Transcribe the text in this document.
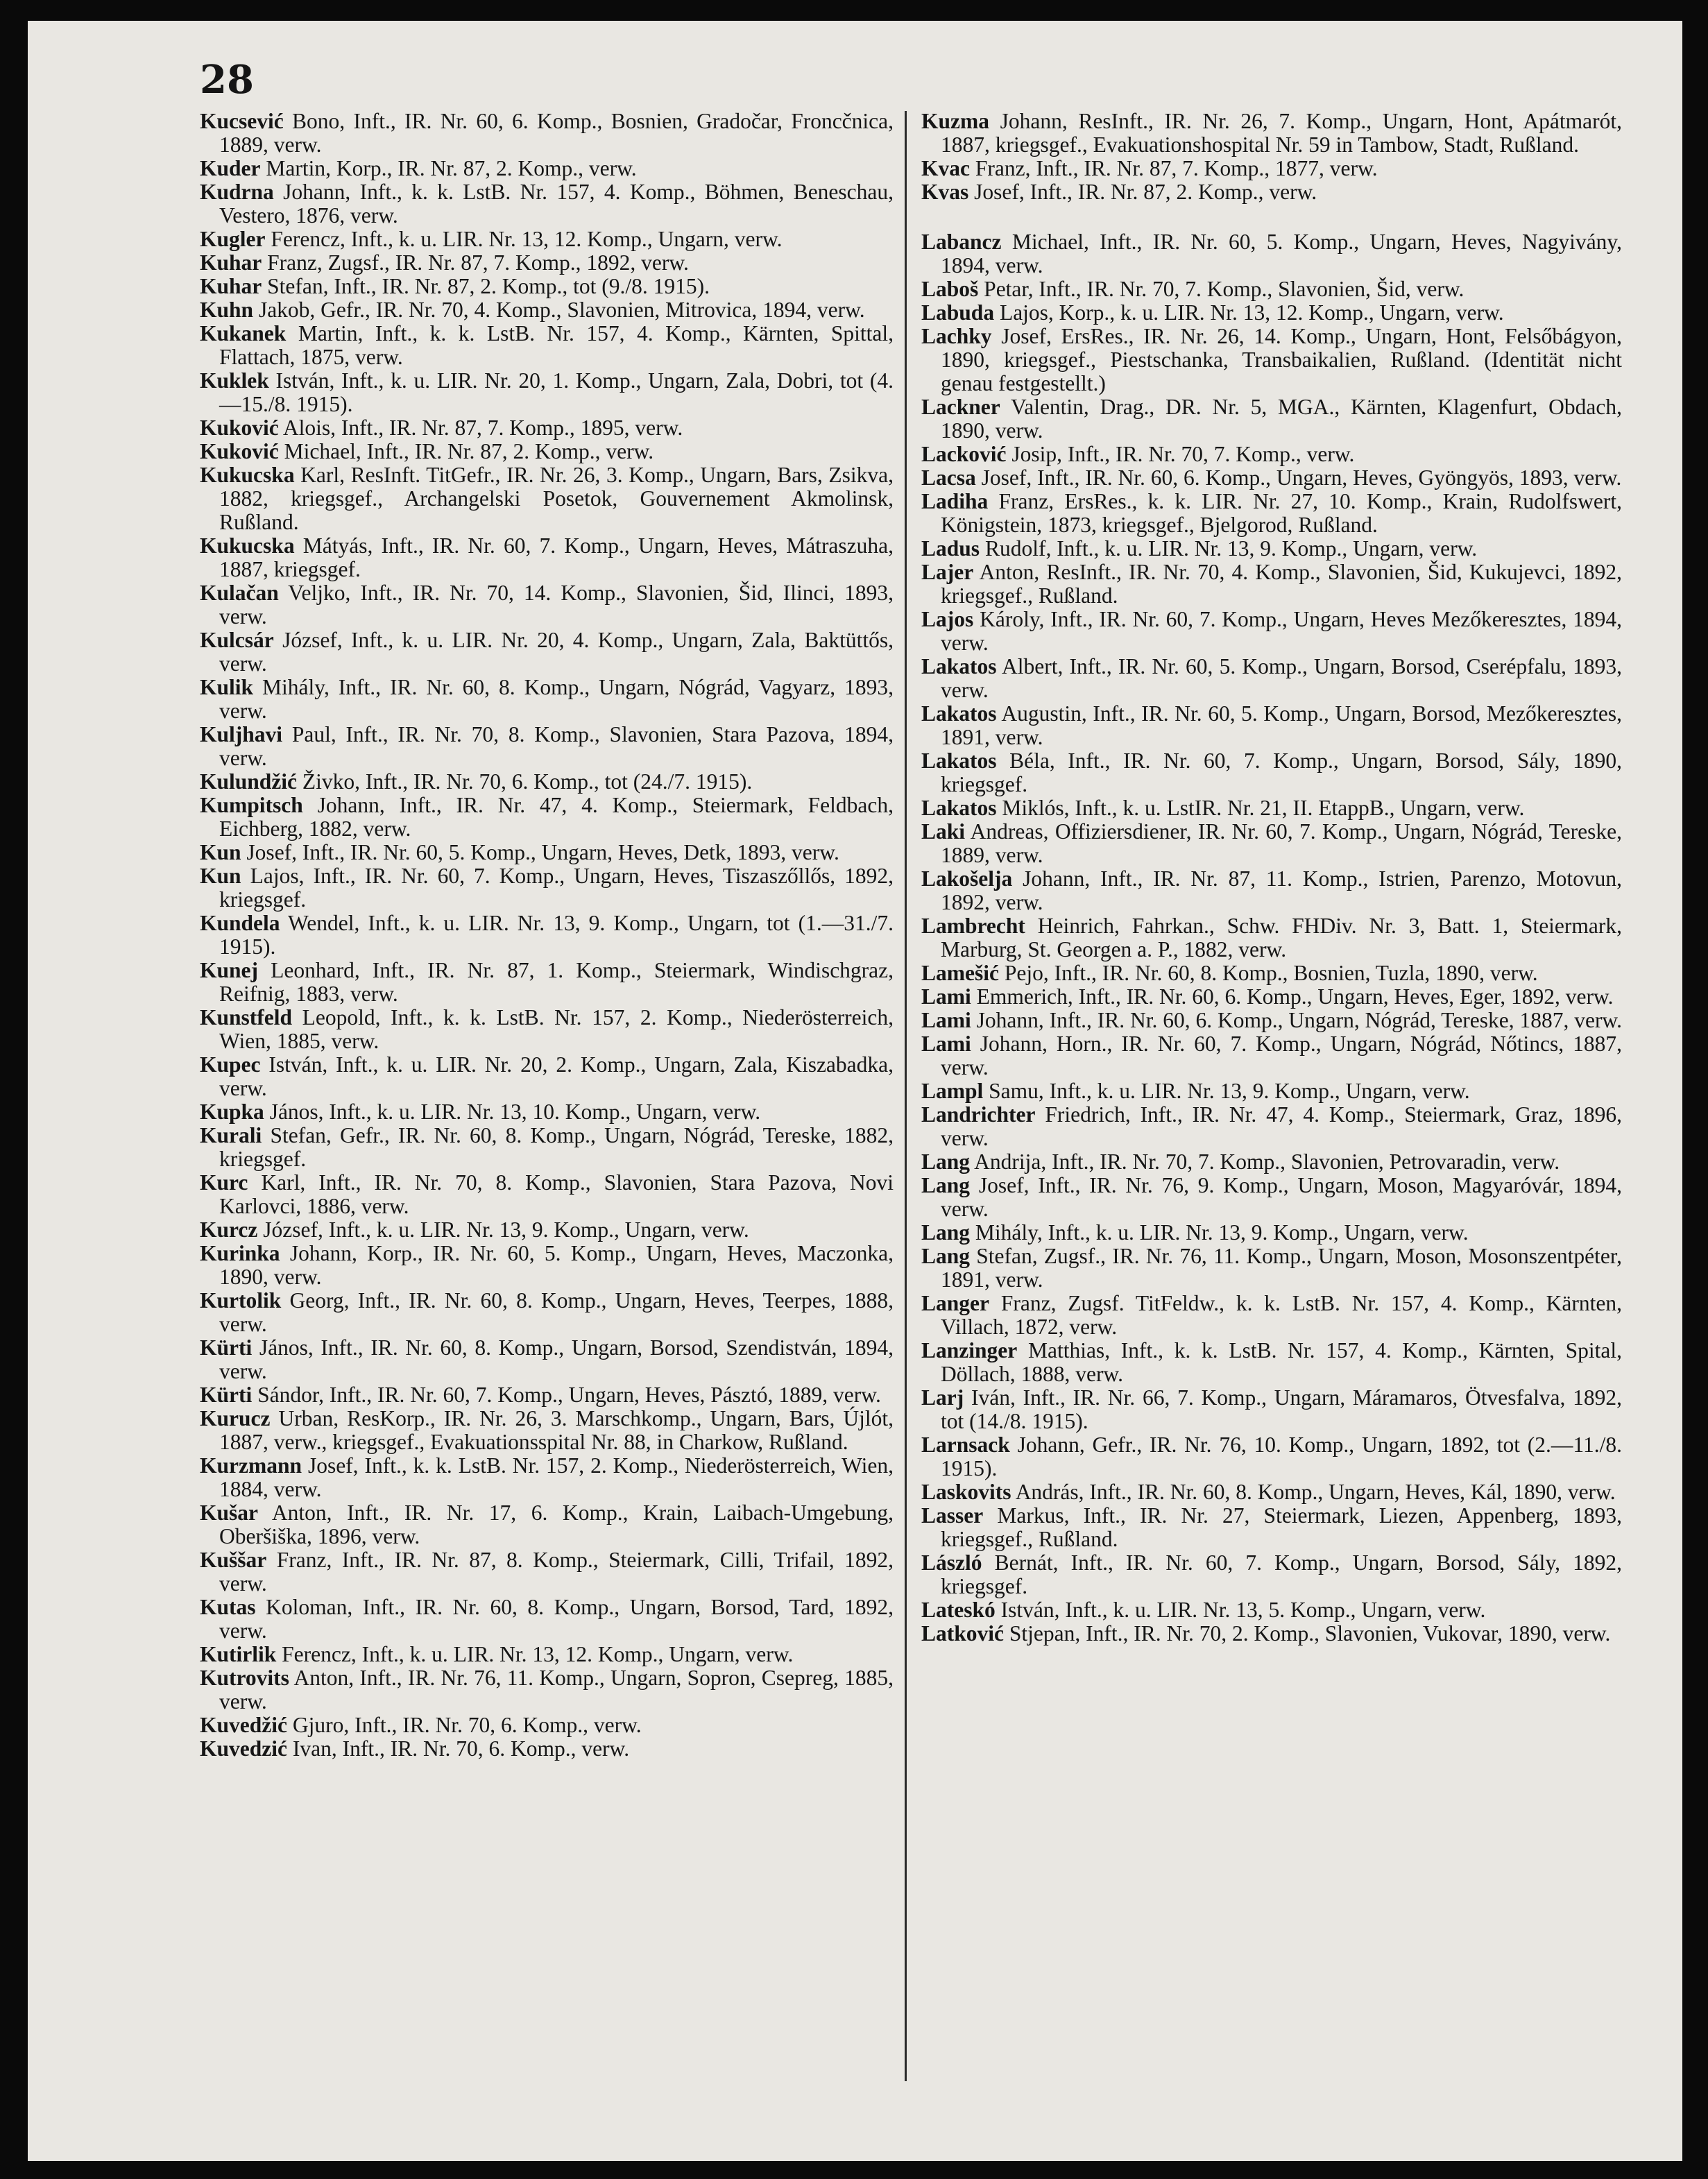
28

Kucsević Bono, Inft., IR. Nr. 60, 6. Komp., Bosnien, Gradočar, Froncčnica, 1889, verw.

Kuder Martin, Korp., IR. Nr. 87, 2. Komp., verw.

Kudrna Johann, Inft., k. k. LstB. Nr. 157, 4. Komp., Böhmen, Beneschau, Vestero, 1876, verw.

Kugler Ferencz, Inft., k. u. LIR. Nr. 13, 12. Komp., Ungarn, verw.

Kuhar Franz, Zugsf., IR. Nr. 87, 7. Komp., 1892, verw.

Kuhar Stefan, Inft., IR. Nr. 87, 2. Komp., tot (9./8. 1915).

Kuhn Jakob, Gefr., IR. Nr. 70, 4. Komp., Slavonien, Mitrovica, 1894, verw.

Kukanek Martin, Inft., k. k. LstB. Nr. 157, 4. Komp., Kärnten, Spittal, Flattach, 1875, verw.

Kuklek István, Inft., k. u. LIR. Nr. 20, 1. Komp., Ungarn, Zala, Dobri, tot (4.—15./8. 1915).

Kuković Alois, Inft., IR. Nr. 87, 7. Komp., 1895, verw.

Kuković Michael, Inft., IR. Nr. 87, 2. Komp., verw.

Kukucska Karl, ResInft. TitGefr., IR. Nr. 26, 3. Komp., Ungarn, Bars, Zsikva, 1882, kriegsgef., Archangelski Posetok, Gouvernement Akmolinsk, Rußland.

Kukucska Mátyás, Inft., IR. Nr. 60, 7. Komp., Ungarn, Heves, Mátraszuha, 1887, kriegsgef.

Kulačan Veljko, Inft., IR. Nr. 70, 14. Komp., Slavonien, Šid, Ilinci, 1893, verw.

Kulcsár József, Inft., k. u. LIR. Nr. 20, 4. Komp., Ungarn, Zala, Baktüttős, verw.

Kulik Mihály, Inft., IR. Nr. 60, 8. Komp., Ungarn, Nógrád, Vagyarz, 1893, verw.

Kuljhavi Paul, Inft., IR. Nr. 70, 8. Komp., Slavonien, Stara Pazova, 1894, verw.

Kulundžić Živko, Inft., IR. Nr. 70, 6. Komp., tot (24./7. 1915).

Kumpitsch Johann, Inft., IR. Nr. 47, 4. Komp., Steiermark, Feldbach, Eichberg, 1882, verw.

Kun Josef, Inft., IR. Nr. 60, 5. Komp., Ungarn, Heves, Detk, 1893, verw.

Kun Lajos, Inft., IR. Nr. 60, 7. Komp., Ungarn, Heves, Tiszaszőllős, 1892, kriegsgef.

Kundela Wendel, Inft., k. u. LIR. Nr. 13, 9. Komp., Ungarn, tot (1.—31./7. 1915).

Kunej Leonhard, Inft., IR. Nr. 87, 1. Komp., Steiermark, Windischgraz, Reifnig, 1883, verw.

Kunstfeld Leopold, Inft., k. k. LstB. Nr. 157, 2. Komp., Niederösterreich, Wien, 1885, verw.

Kupec István, Inft., k. u. LIR. Nr. 20, 2. Komp., Ungarn, Zala, Kiszabadka, verw.

Kupka János, Inft., k. u. LIR. Nr. 13, 10. Komp., Ungarn, verw.

Kurali Stefan, Gefr., IR. Nr. 60, 8. Komp., Ungarn, Nógrád, Tereske, 1882, kriegsgef.

Kurc Karl, Inft., IR. Nr. 70, 8. Komp., Slavonien, Stara Pazova, Novi Karlovci, 1886, verw.

Kurcz József, Inft., k. u. LIR. Nr. 13, 9. Komp., Ungarn, verw.

Kurinka Johann, Korp., IR. Nr. 60, 5. Komp., Ungarn, Heves, Maczonka, 1890, verw.

Kurtolik Georg, Inft., IR. Nr. 60, 8. Komp., Ungarn, Heves, Teerpes, 1888, verw.

Kürti János, Inft., IR. Nr. 60, 8. Komp., Ungarn, Borsod, Szendistván, 1894, verw.

Kürti Sándor, Inft., IR. Nr. 60, 7. Komp., Ungarn, Heves, Pásztó, 1889, verw.

Kurucz Urban, ResKorp., IR. Nr. 26, 3. Marschkomp., Ungarn, Bars, Újlót, 1887, verw., kriegsgef., Evakuationsspital Nr. 88, in Charkow, Rußland.

Kurzmann Josef, Inft., k. k. LstB. Nr. 157, 2. Komp., Niederösterreich, Wien, 1884, verw.

Kušar Anton, Inft., IR. Nr. 17, 6. Komp., Krain, Laibach-Umgebung, Oberšiška, 1896, verw.

Kuššar Franz, Inft., IR. Nr. 87, 8. Komp., Steiermark, Cilli, Trifail, 1892, verw.

Kutas Koloman, Inft., IR. Nr. 60, 8. Komp., Ungarn, Borsod, Tard, 1892, verw.

Kutirlik Ferencz, Inft., k. u. LIR. Nr. 13, 12. Komp., Ungarn, verw.

Kutrovits Anton, Inft., IR. Nr. 76, 11. Komp., Ungarn, Sopron, Csepreg, 1885, verw.

Kuvedžić Gjuro, Inft., IR. Nr. 70, 6. Komp., verw.

Kuvedzić Ivan, Inft., IR. Nr. 70, 6. Komp., verw.

Kuzma Johann, ResInft., IR. Nr. 26, 7. Komp., Ungarn, Hont, Apátmarót, 1887, kriegsgef., Evakuationshospital Nr. 59 in Tambow, Stadt, Rußland.

Kvac Franz, Inft., IR. Nr. 87, 7. Komp., 1877, verw.

Kvas Josef, Inft., IR. Nr. 87, 2. Komp., verw.

Labancz Michael, Inft., IR. Nr. 60, 5. Komp., Ungarn, Heves, Nagyivány, 1894, verw.

Laboš Petar, Inft., IR. Nr. 70, 7. Komp., Slavonien, Šid, verw.

Labuda Lajos, Korp., k. u. LIR. Nr. 13, 12. Komp., Ungarn, verw.

Lachky Josef, ErsRes., IR. Nr. 26, 14. Komp., Ungarn, Hont, Felsőbágyon, 1890, kriegsgef., Piestschanka, Transbaikalien, Rußland. (Identität nicht genau festgestellt.)

Lackner Valentin, Drag., DR. Nr. 5, MGA., Kärnten, Klagenfurt, Obdach, 1890, verw.

Lacković Josip, Inft., IR. Nr. 70, 7. Komp., verw.

Lacsa Josef, Inft., IR. Nr. 60, 6. Komp., Ungarn, Heves, Gyöngyös, 1893, verw.

Ladiha Franz, ErsRes., k. k. LIR. Nr. 27, 10. Komp., Krain, Rudolfswert, Königstein, 1873, kriegsgef., Bjelgorod, Rußland.

Ladus Rudolf, Inft., k. u. LIR. Nr. 13, 9. Komp., Ungarn, verw.

Lajer Anton, ResInft., IR. Nr. 70, 4. Komp., Slavonien, Šid, Kukujevci, 1892, kriegsgef., Rußland.

Lajos Károly, Inft., IR. Nr. 60, 7. Komp., Ungarn, Heves Mezőkeresztes, 1894, verw.

Lakatos Albert, Inft., IR. Nr. 60, 5. Komp., Ungarn, Borsod, Cserépfalu, 1893, verw.

Lakatos Augustin, Inft., IR. Nr. 60, 5. Komp., Ungarn, Borsod, Mezőkeresztes, 1891, verw.

Lakatos Béla, Inft., IR. Nr. 60, 7. Komp., Ungarn, Borsod, Sály, 1890, kriegsgef.

Lakatos Miklós, Inft., k. u. LstIR. Nr. 21, II. EtappB., Ungarn, verw.

Laki Andreas, Offiziersdiener, IR. Nr. 60, 7. Komp., Ungarn, Nógrád, Tereske, 1889, verw.

Lakošelja Johann, Inft., IR. Nr. 87, 11. Komp., Istrien, Parenzo, Motovun, 1892, verw.

Lambrecht Heinrich, Fahrkan., Schw. FHDiv. Nr. 3, Batt. 1, Steiermark, Marburg, St. Georgen a. P., 1882, verw.

Lamešić Pejo, Inft., IR. Nr. 60, 8. Komp., Bosnien, Tuzla, 1890, verw.

Lami Emmerich, Inft., IR. Nr. 60, 6. Komp., Ungarn, Heves, Eger, 1892, verw.

Lami Johann, Inft., IR. Nr. 60, 6. Komp., Ungarn, Nógrád, Tereske, 1887, verw.

Lami Johann, Horn., IR. Nr. 60, 7. Komp., Ungarn, Nógrád, Nőtincs, 1887, verw.

Lampl Samu, Inft., k. u. LIR. Nr. 13, 9. Komp., Ungarn, verw.

Landrichter Friedrich, Inft., IR. Nr. 47, 4. Komp., Steiermark, Graz, 1896, verw.

Lang Andrija, Inft., IR. Nr. 70, 7. Komp., Slavonien, Petrovaradin, verw.

Lang Josef, Inft., IR. Nr. 76, 9. Komp., Ungarn, Moson, Magyaróvár, 1894, verw.

Lang Mihály, Inft., k. u. LIR. Nr. 13, 9. Komp., Ungarn, verw.

Lang Stefan, Zugsf., IR. Nr. 76, 11. Komp., Ungarn, Moson, Mosonszentpéter, 1891, verw.

Langer Franz, Zugsf. TitFeldw., k. k. LstB. Nr. 157, 4. Komp., Kärnten, Villach, 1872, verw.

Lanzinger Matthias, Inft., k. k. LstB. Nr. 157, 4. Komp., Kärnten, Spital, Döllach, 1888, verw.

Larj Iván, Inft., IR. Nr. 66, 7. Komp., Ungarn, Máramaros, Ötvesfalva, 1892, tot (14./8. 1915).

Larnsack Johann, Gefr., IR. Nr. 76, 10. Komp., Ungarn, 1892, tot (2.—11./8. 1915).

Laskovits András, Inft., IR. Nr. 60, 8. Komp., Ungarn, Heves, Kál, 1890, verw.

Lasser Markus, Inft., IR. Nr. 27, Steiermark, Liezen, Appenberg, 1893, kriegsgef., Rußland.

László Bernát, Inft., IR. Nr. 60, 7. Komp., Ungarn, Borsod, Sály, 1892, kriegsgef.

Lateskó István, Inft., k. u. LIR. Nr. 13, 5. Komp., Ungarn, verw.

Latković Stjepan, Inft., IR. Nr. 70, 2. Komp., Slavonien, Vukovar, 1890, verw.
